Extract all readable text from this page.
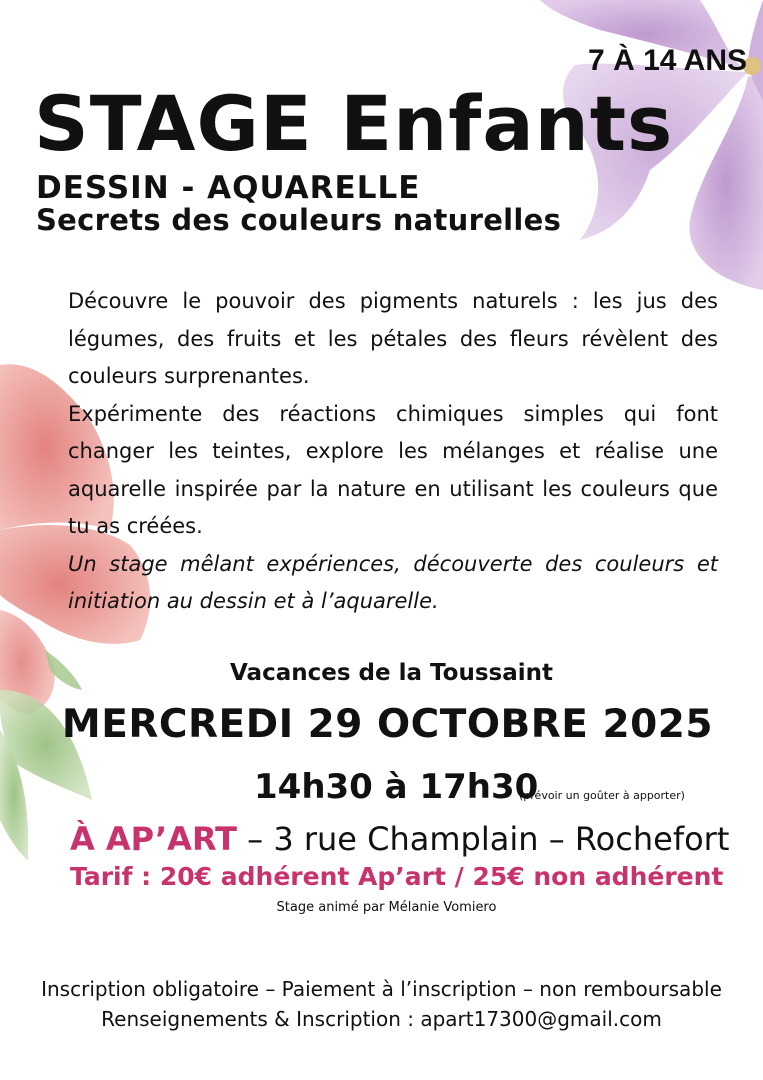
7 À 14 ANS
STAGE Enfants
DESSIN - AQUARELLE
Secrets des couleurs naturelles

Découvre le pouvoir des pigments naturels : les jus des légumes, des fruits et les pétales des fleurs révèlent des couleurs surprenantes.

Expérimente des réactions chimiques simples qui font changer les teintes, explore les mélanges et réalise une aquarelle inspirée par la nature en utilisant les couleurs que tu as créées.

Un stage mêlant expériences, découverte des couleurs et initiation au dessin et à l’aquarelle.

Vacances de la Toussaint
MERCREDI 29 OCTOBRE 2025
14h30 à 17h30
(prévoir un goûter à apporter)
À AP’ART – 3 rue Champlain – Rochefort
Tarif : 20€ adhérent Ap’art / 25€ non adhérent
Stage animé par Mélanie Vomiero
Inscription obligatoire – Paiement à l’inscription – non remboursable
Renseignements & Inscription : apart17300@gmail.com
